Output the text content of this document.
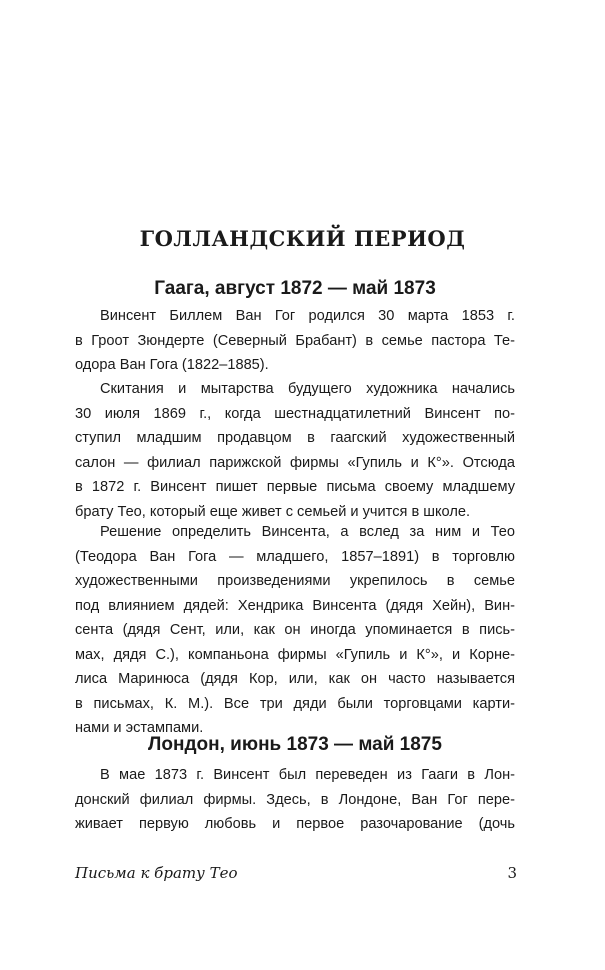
ГОЛЛАНДСКИЙ ПЕРИОД
Гаага, август 1872 — май 1873

Винсент Биллем Ван Гог родился 30 марта 1853 г.
в Гроот Зюндерте (Северный Брабант) в семье пастора Те-
одора Ван Гога (1822–1885).

Скитания и мытарства будущего художника начались
30 июля 1869 г., когда шестнадцатилетний Винсент по-
ступил младшим продавцом в гаагский художественный
салон — филиал парижской фирмы «Гупиль и К°». Отсюда
в 1872 г. Винсент пишет первые письма своему младшему
брату Тео, который еще живет с семьей и учится в школе.

Решение определить Винсента, а вслед за ним и Тео
(Теодора Ван Гога — младшего, 1857–1891) в торговлю
художественными произведениями укрепилось в семье
под влиянием дядей: Хендрика Винсента (дядя Хейн), Вин-
сента (дядя Сент, или, как он иногда упоминается в пись-
мах, дядя С.), компаньона фирмы «Гупиль и К°», и Корне-
лиса Маринюса (дядя Кор, или, как он часто называется
в письмах, К. М.). Все три дяди были торговцами карти-
нами и эстампами.

Лондон, июнь 1873 — май 1875

В мае 1873 г. Винсент был переведен из Гааги в Лон-
донский филиал фирмы. Здесь, в Лондоне, Ван Гог пере-
живает первую любовь и первое разочарование (дочь

Письма к брату Тео	3
